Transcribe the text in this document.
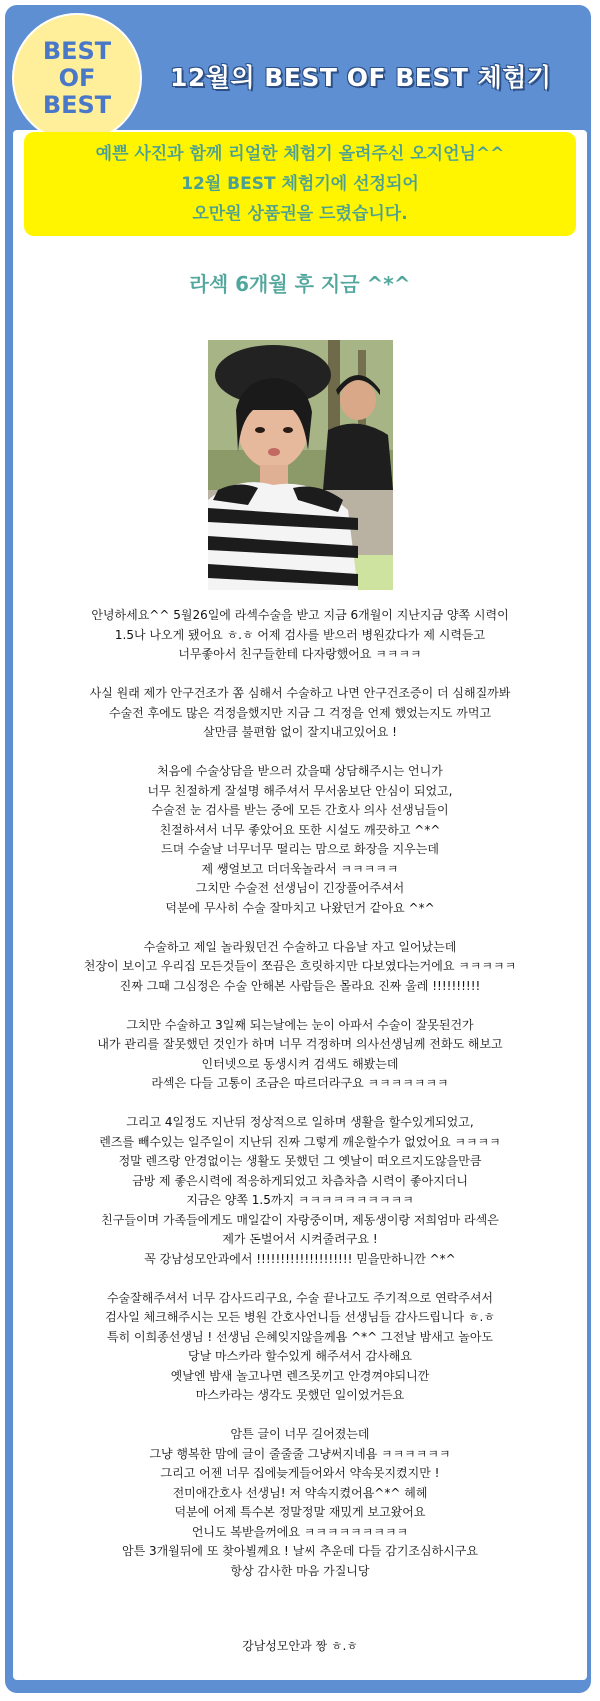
BEST
OF
BEST
12월의 BEST OF BEST 체험기
예쁜 사진과 함께 리얼한 체험기 올려주신 오지언님^^
12월 BEST 체험기에 선정되어
오만원 상품권을 드렸습니다.
라섹 6개월 후 지금 ^*^
안녕하세요^^ 5월26일에 라섹수술을 받고 지금 6개월이 지난지금 양쪽 시력이
1.5나 나오게 됐어요 ㅎ.ㅎ 어제 검사를 받으러 병원갔다가 제 시력듣고
너무좋아서 친구들한테 다자랑했어요 ㅋㅋㅋㅋ
사실 원래 제가 안구건조가 쫌 심해서 수술하고 나면 안구건조증이 더 심해질까봐
수술전 후에도 많은 걱정을했지만 지금 그 걱정을 언제 했었는지도 까먹고
살만큼 불편함 없이 잘지내고있어요 !
처음에 수술상담을 받으러 갔을때 상담해주시는 언니가
너무 친절하게 잘설명 해주셔서 무서움보단 안심이 되었고,
수술전 눈 검사를 받는 중에 모든 간호사 의사 선생님들이
친절하셔서 너무 좋았어요 또한 시설도 깨끗하고 ^*^
드뎌 수술날 너무너무 떨리는 맘으로 화장을 지우는데
제 쌩얼보고 더더욱놀라서 ㅋㅋㅋㅋㅋ
그치만 수술전 선생님이 긴장풀어주셔서
덕분에 무사히 수술 잘마치고 나왔던거 같아요 ^*^
수술하고 제일 놀라웠던건 수술하고 다음날 자고 일어났는데
천장이 보이고 우리집 모든것들이 쪼끔은 흐릿하지만 다보였다는거에요 ㅋㅋㅋㅋㅋ
진짜 그때 그심정은 수술 안해본 사람들은 몰라요 진짜 울레 !!!!!!!!!!
그치만 수술하고 3일째 되는날에는 눈이 아파서 수술이 잘못된건가
내가 관리를 잘못했던 것인가 하며 너무 걱정하며 의사선생님께 전화도 해보고
인터넷으로 동생시켜 검색도 해봤는데
라섹은 다들 고통이 조금은 따르더라구요 ㅋㅋㅋㅋㅋㅋㅋ
그리고 4일정도 지난뒤 정상적으로 일하며 생활을 할수있게되었고,
렌즈를 빼수있는 일주일이 지난뒤 진짜 그렇게 깨운할수가 없었어요 ㅋㅋㅋㅋ
정말 렌즈랑 안경없이는 생활도 못했던 그 옛날이 떠오르지도않을만큼
금방 제 좋은시력에 적응하게되었고 차츰차츰 시력이 좋아지더니
지금은 양쪽 1.5까지 ㅋㅋㅋㅋㅋㅋㅋㅋㅋㅋ
친구들이며 가족들에게도 매일같이 자랑중이며, 제동생이랑 저희엄마 라섹은
제가 돈벌어서 시켜줄려구요 !
꼭 강남성모안과에서 !!!!!!!!!!!!!!!!!!!! 믿을만하니깐 ^*^
수술잘해주셔서 너무 감사드리구요, 수술 끝나고도 주기적으로 연락주셔서
검사일 체크해주시는 모든 병원 간호사언니들 선생님들 감사드립니다 ㅎ.ㅎ
특히 이희종선생님 ! 선생님 은혜잊지않을께욤 ^*^ 그전날 밤새고 놀아도
당날 마스카라 할수있게 해주셔서 감사해요
옛날엔 밤새 놀고나면 렌즈못끼고 안경껴야되니깐
마스카라는 생각도 못했던 일이었거든요
암튼 글이 너무 길어졌는데
그냥 행복한 맘에 글이 줄줄줄 그냥써지네욤 ㅋㅋㅋㅋㅋㅋ
그리고 어젠 너무 집에늦게들어와서 약속못지켰지만 !
전미애간호사 선생님! 저 약속지켰어욤^*^ 헤헤
덕분에 어제 특수본 정말정말 재밌게 보고왔어요
언니도 복받을꺼에요 ㅋㅋㅋㅋㅋㅋㅋㅋㅋ
암튼 3개월뒤에 또 찾아뵐께요 ! 날씨 추운데 다들 감기조심하시구요
항상 감사한 마음 가질니당
강남성모안과 짱 ㅎ.ㅎ
